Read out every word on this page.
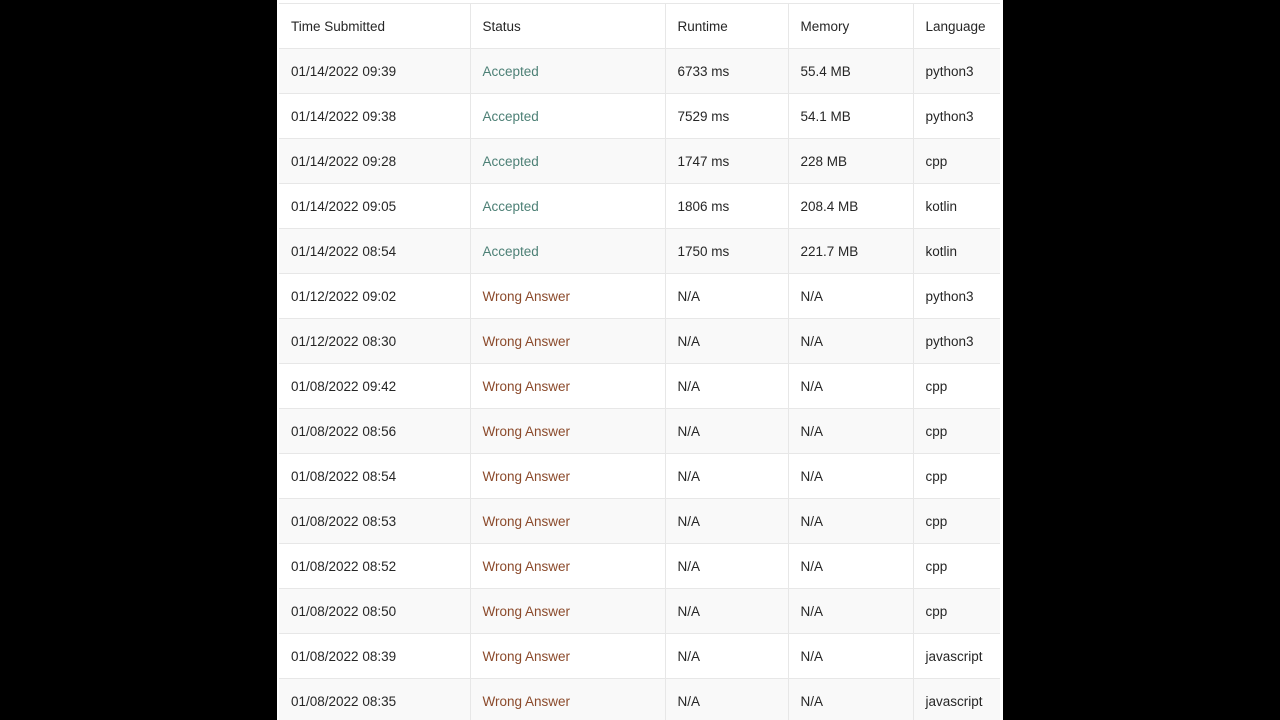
Time Submitted	Status	Runtime	Memory	Language
01/14/2022 09:39	Accepted	6733 ms	55.4 MB	python3
01/14/2022 09:38	Accepted	7529 ms	54.1 MB	python3
01/14/2022 09:28	Accepted	1747 ms	228 MB	cpp
01/14/2022 09:05	Accepted	1806 ms	208.4 MB	kotlin
01/14/2022 08:54	Accepted	1750 ms	221.7 MB	kotlin
01/12/2022 09:02	Wrong Answer	N/A	N/A	python3
01/12/2022 08:30	Wrong Answer	N/A	N/A	python3
01/08/2022 09:42	Wrong Answer	N/A	N/A	cpp
01/08/2022 08:56	Wrong Answer	N/A	N/A	cpp
01/08/2022 08:54	Wrong Answer	N/A	N/A	cpp
01/08/2022 08:53	Wrong Answer	N/A	N/A	cpp
01/08/2022 08:52	Wrong Answer	N/A	N/A	cpp
01/08/2022 08:50	Wrong Answer	N/A	N/A	cpp
01/08/2022 08:39	Wrong Answer	N/A	N/A	javascript
01/08/2022 08:35	Wrong Answer	N/A	N/A	javascript
